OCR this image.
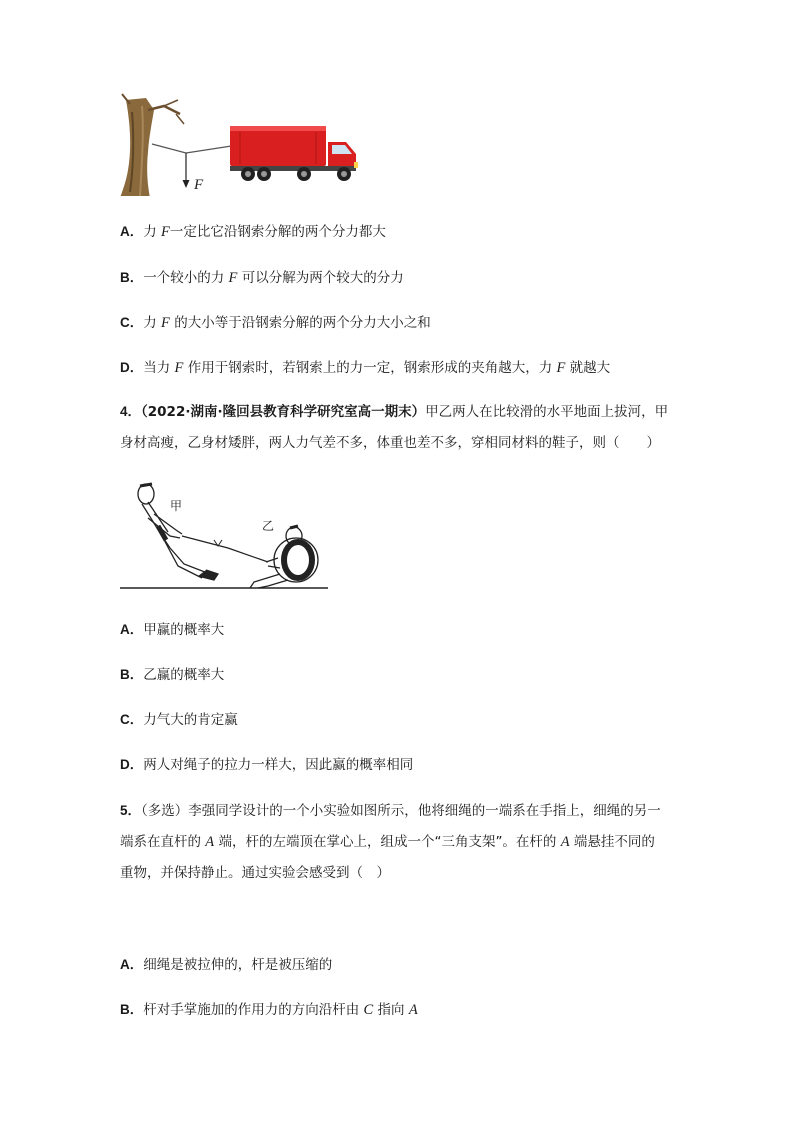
F
A．力 F一定比它沿钢索分解的两个分力都大
B．一个较小的力 F 可以分解为两个较大的分力
C．力 F 的大小等于沿钢索分解的两个分力大小之和
D．当力 F 作用于钢索时，若钢索上的力一定，钢索形成的夹角越大，力 F 就越大
4．（2022·湖南·隆回县教育科学研究室高一期末）甲乙两人在比较滑的水平地面上拔河，甲
身材高瘦，乙身材矮胖，两人力气差不多，体重也差不多，穿相同材料的鞋子，则（　　）
甲
乙
A．甲赢的概率大
B．乙赢的概率大
C．力气大的肯定赢
D．两人对绳子的拉力一样大，因此赢的概率相同
5．（多选）李强同学设计的一个小实验如图所示，他将细绳的一端系在手指上，细绳的另一
端系在直杆的 A 端，杆的左端顶在掌心上，组成一个“三角支架”。在杆的 A 端悬挂不同的
重物，并保持静止。通过实验会感受到（　）
A．细绳是被拉伸的，杆是被压缩的
B．杆对手掌施加的作用力的方向沿杆由 C 指向 A
